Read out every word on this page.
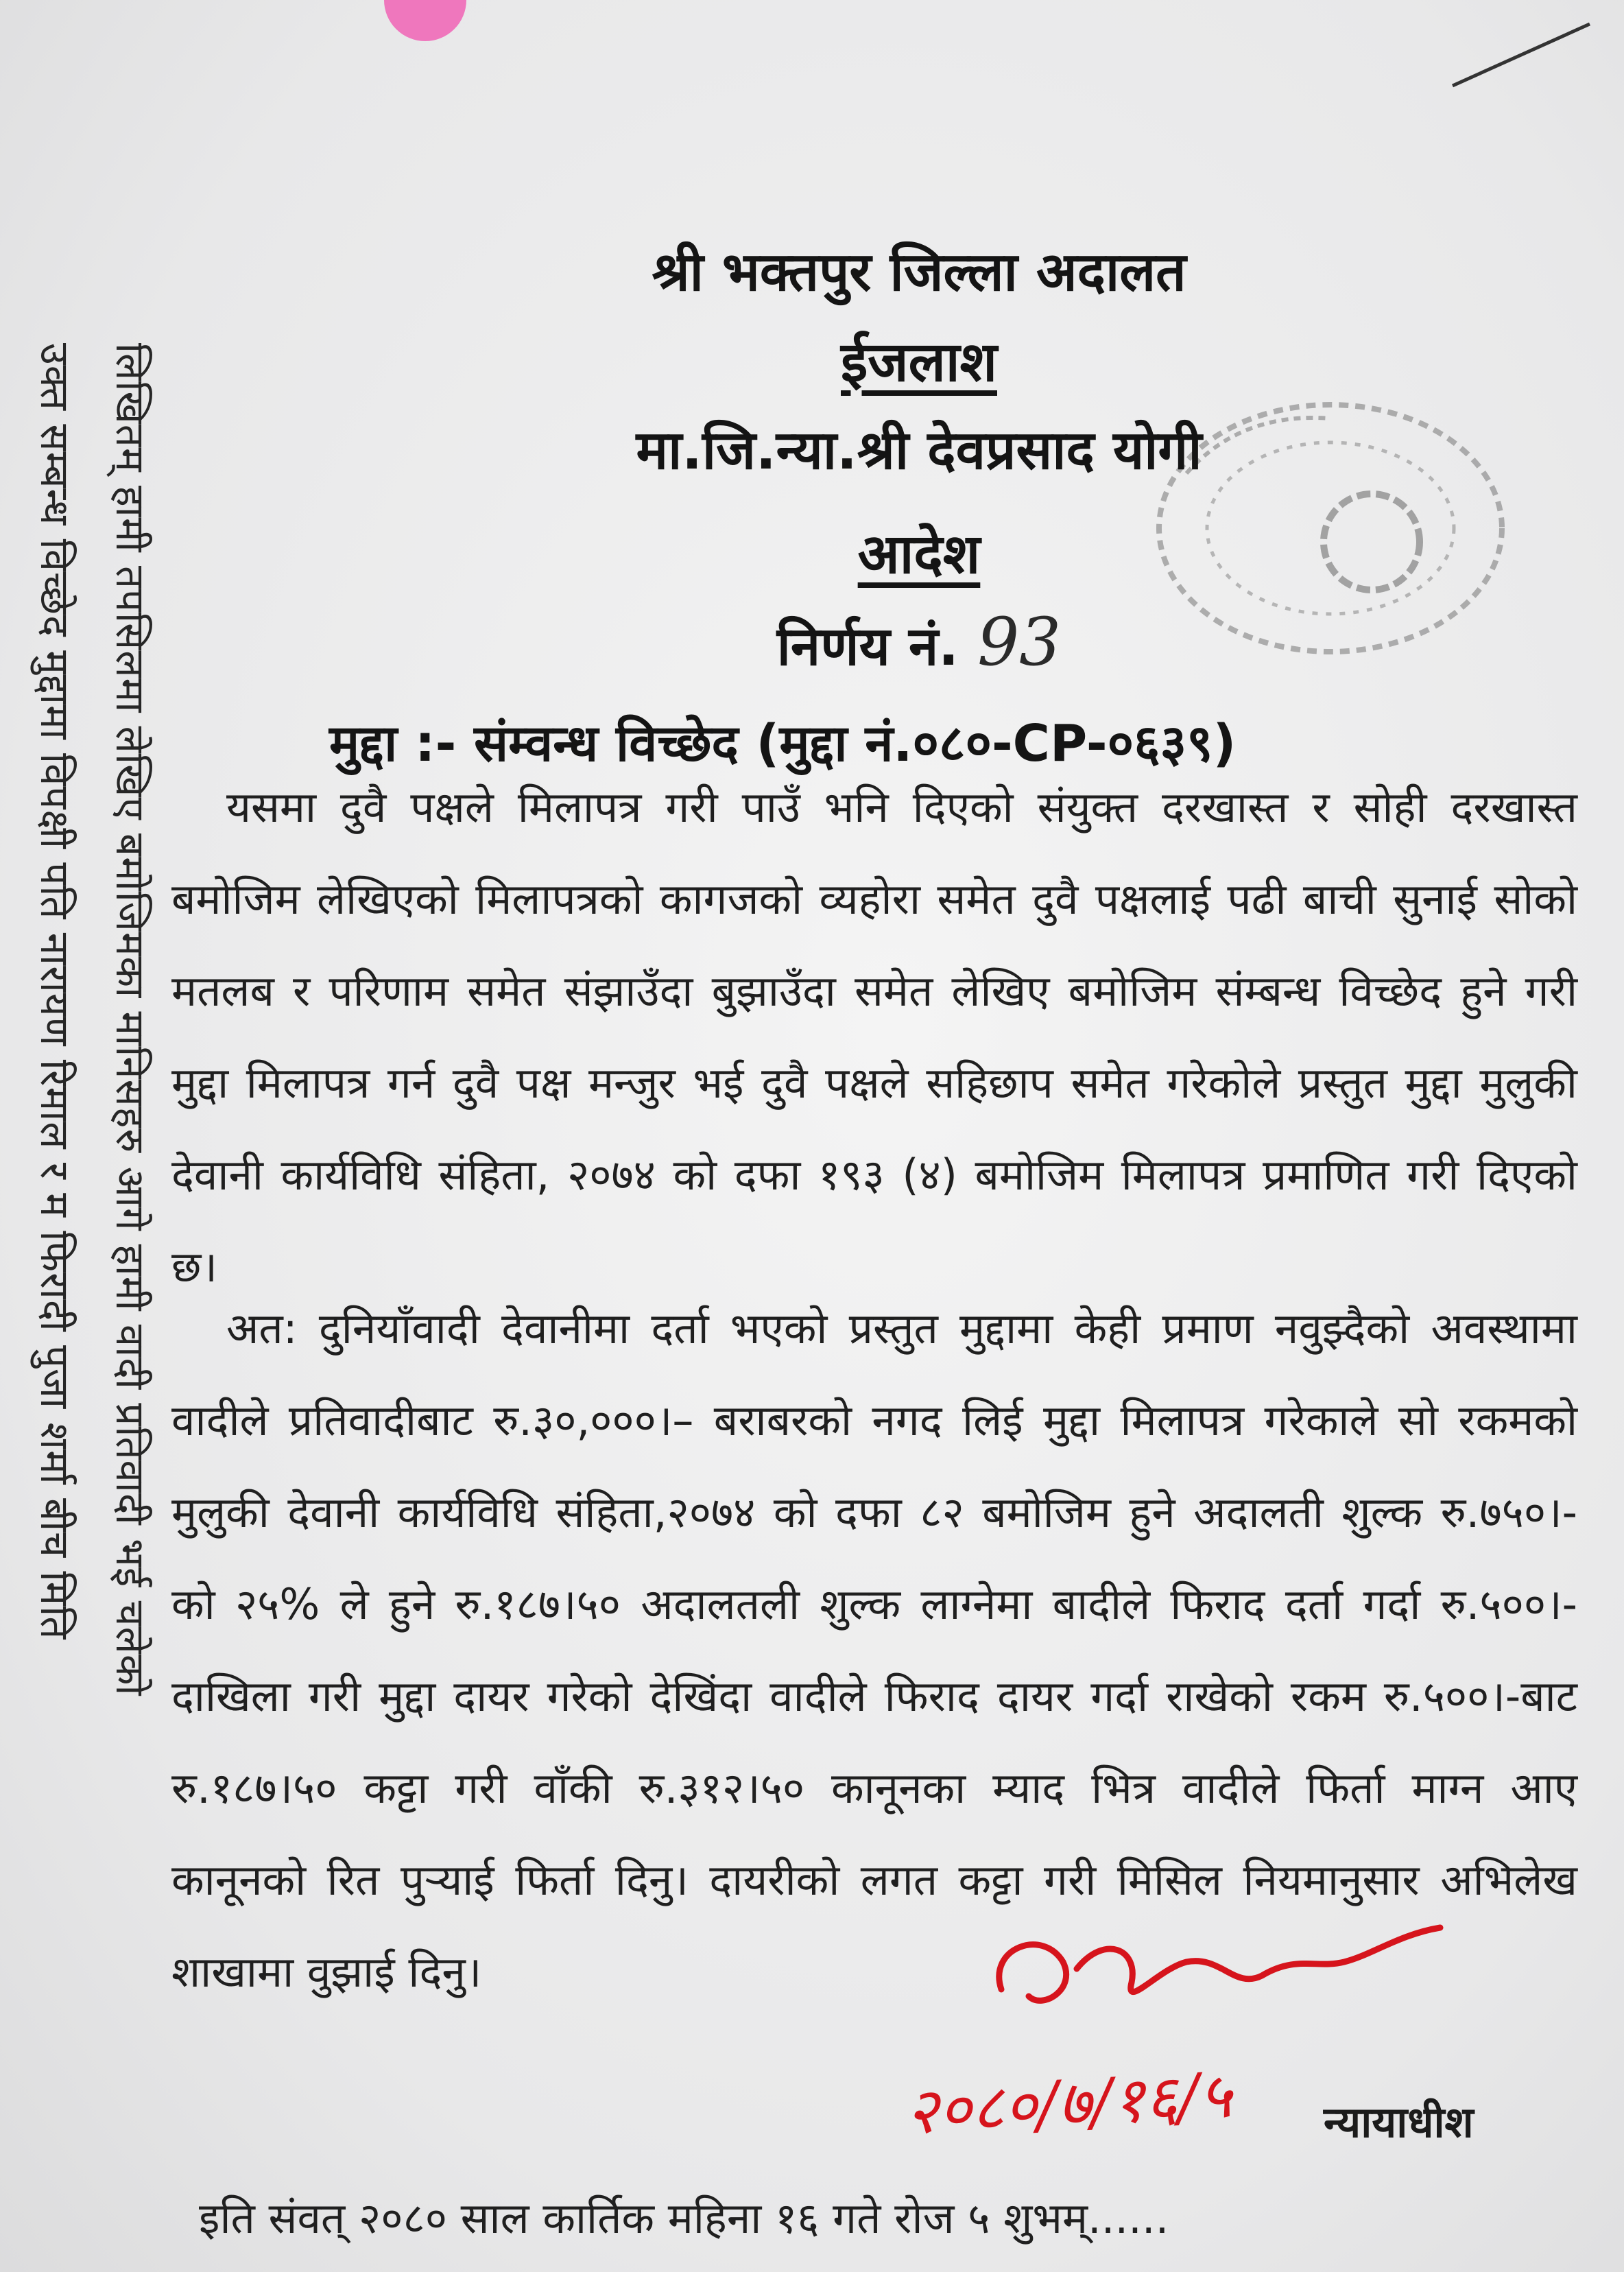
लिखितम् हामी तपसिलमा लेखिए बमोजिमका मानिसहरु आगे हामी वादी प्रतिवादी भई चलेको
उक्त सम्बन्ध विच्छेद मुद्दामा विपक्षी पति नारायण रिमाल र म फिरादी पुजा शर्मा बीच मिति
श्री भक्तपुर जिल्ला अदालत
ईजलाश
मा.जि.न्या.श्री देवप्रसाद योगी
आदेश
निर्णय नं. 93
मुद्दा :- संम्वन्ध विच्छेद (मुद्दा नं.०८०-CP-०६३९)
यसमा दुवै पक्षले मिलापत्र गरी पाउँ भनि दिएको संयुक्त दरखास्त र सोही दरखास्त बमोजिम लेखिएको मिलापत्रको कागजको व्यहोरा समेत दुवै पक्षलाई पढी बाची सुनाई सोको मतलब र परिणाम समेत संझाउँदा बुझाउँदा समेत लेखिए बमोजिम संम्बन्ध विच्छेद हुने गरी मुद्दा मिलापत्र गर्न दुवै पक्ष मन्जुर भई दुवै पक्षले सहिछाप समेत गरेकोले प्रस्तुत मुद्दा मुलुकी देवानी कार्यविधि संहिता, २०७४ को दफा १९३ (४) बमोजिम मिलापत्र प्रमाणित गरी दिएको छ।
अत: दुनियाँवादी देवानीमा दर्ता भएको प्रस्तुत मुद्दामा केही प्रमाण नवुझ्दैको अवस्थामा वादीले प्रतिवादीबाट रु.३०,०००।– बराबरको नगद लिई मुद्दा मिलापत्र गरेकाले सो रकमको मुलुकी देवानी कार्यविधि संहिता,२०७४ को दफा ८२ बमोजिम हुने अदालती शुल्क रु.७५०।- को २५% ले हुने रु.१८७।५० अदालतली शुल्क लाग्नेमा बादीले फिराद दर्ता गर्दा रु.५००।- दाखिला गरी मुद्दा दायर गरेको देखिंदा वादीले फिराद दायर गर्दा राखेको रकम रु.५००।-बाट रु.१८७।५० कट्टा गरी वाँकी रु.३१२।५० कानूनका म्याद भित्र वादीले फिर्ता माग्न आए कानूनको रित पुऱ्याई फिर्ता दिनु। दायरीको लगत कट्टा गरी मिसिल नियमानुसार अभिलेख शाखामा वुझाई दिनु।
२०८०/७/१६/५ न्यायाधीश
इति संवत् २०८० साल कार्तिक महिना १६ गते रोज ५ शुभम्......
